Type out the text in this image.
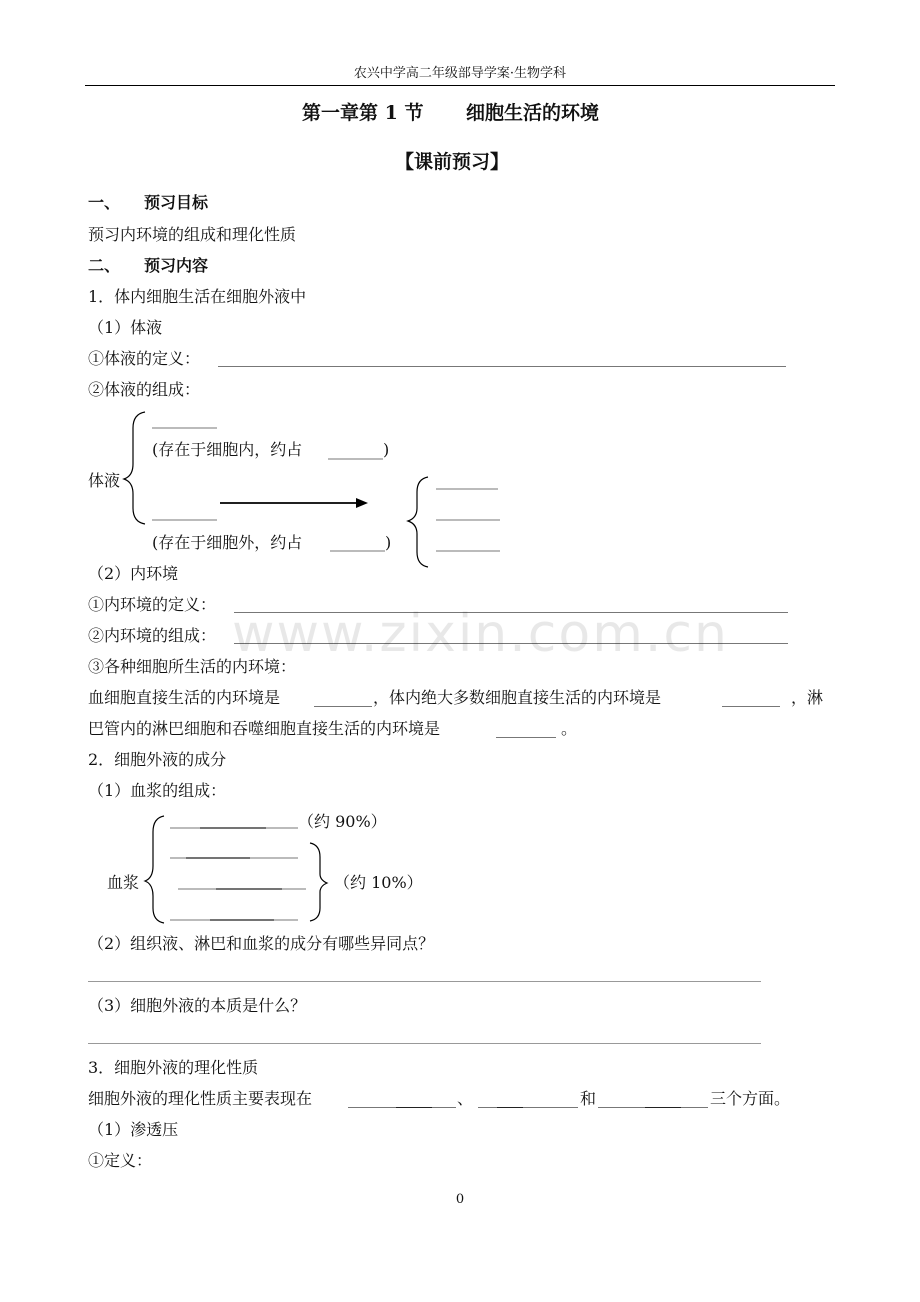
农兴中学高二年级部导学案·生物学科
第一章第 1 节 细胞生活的环境
【课前预习】
一、 预习目标
预习内环境的组成和理化性质
二、 预习内容
1．体内细胞生活在细胞外液中
（1）体液
①体液的定义：
②体液的组成：
体液
(存在于细胞内，约占	)
(存在于细胞外，约占	)
（2）内环境
①内环境的定义：
②内环境的组成：
③各种细胞所生活的内环境：
血细胞直接生活的内环境是	，体内绝大多数细胞直接生活的内环境是	，淋
巴管内的淋巴细胞和吞噬细胞直接生活的内环境是	。
2．细胞外液的成分
（1）血浆的组成：
血浆
（约 90%）
（约 10%）
（2）组织液、淋巴和血浆的成分有哪些异同点？
（3）细胞外液的本质是什么？
3．细胞外液的理化性质
细胞外液的理化性质主要表现在	、	和	三个方面。
（1）渗透压
①定义：
0
www.zixin.com.cn
